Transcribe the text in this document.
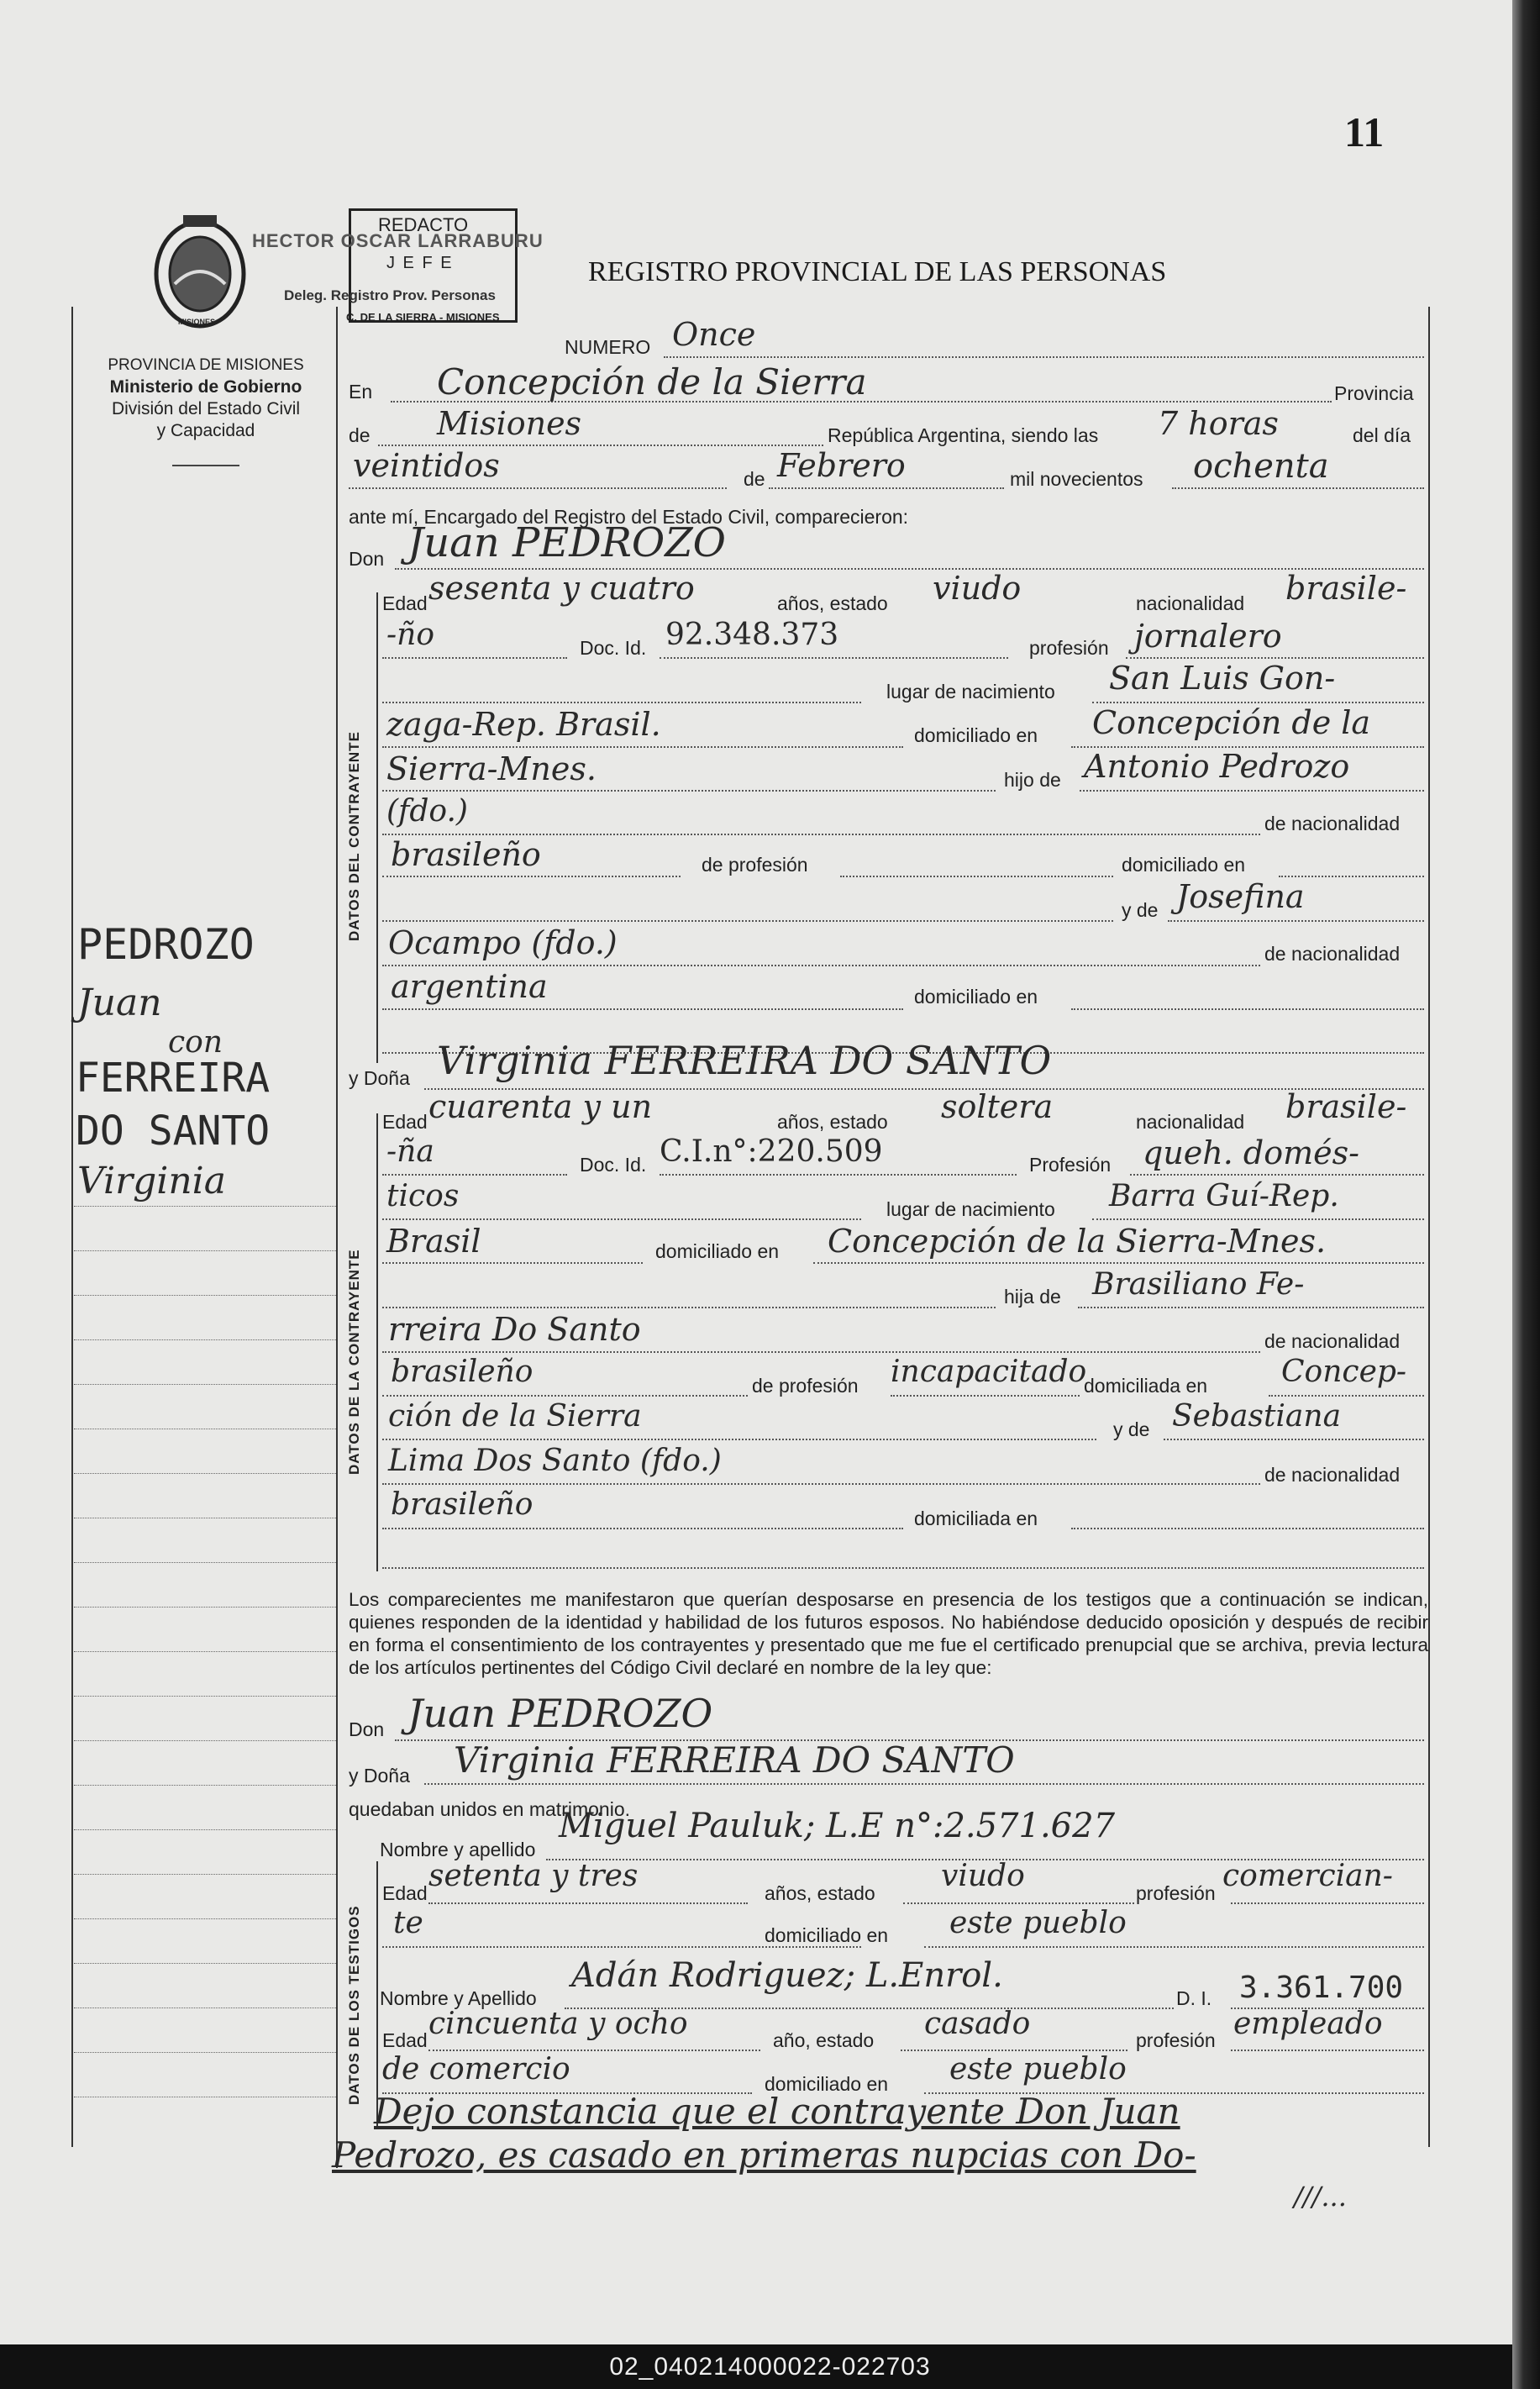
11
MISIONES
REDACTO
HECTOR OSCAR LARRABURU
J E F E
Deleg. Registro Prov. Personas
C. DE LA SIERRA - MISIONES
REGISTRO PROVINCIAL DE LAS PERSONAS
PROVINCIA DE MISIONES
Ministerio de Gobierno
División del Estado Civil
y Capacidad
DATOS DEL CONTRAYENTE
DATOS DE LA CONTRAYENTE
DATOS DE LOS TESTIGOS
PEDROZO
Juan
con
FERREIRA
DO SANTO
Virginia
NUMERO Once
En Concepción de la Sierra	Provincia
de Misiones	República Argentina, siendo las 7 horas	del día
veintidos	de Febrero	mil novecientos ochenta
ante mí, Encargado del Registro del Estado Civil, comparecieron:
Don Juan PEDROZO
Edad sesenta y cuatro	años, estado viudo	nacionalidad brasile-
-ño	Doc. Id. 92.348.373	profesión jornalero
lugar de nacimiento San Luis Gon-
zaga-Rep. Brasil.	domiciliado en Concepción de la
Sierra-Mnes.	hijo de Antonio Pedrozo
(fdo.)	de nacionalidad
brasileño	de profesión	domiciliado en
y de Josefina
Ocampo (fdo.)	de nacionalidad
argentina	domiciliado en
y Doña Virginia FERREIRA DO SANTO
Edad cuarenta y un	años, estado soltera	nacionalidad brasile-
-ña	Doc. Id. C.I.n°:220.509	Profesión queh. domés-
ticos	lugar de nacimiento Barra Guí-Rep.
Brasil	domiciliado en Concepción de la Sierra-Mnes.
hija de Brasiliano Fe-
rreira Do Santo	de nacionalidad
brasileño	de profesión incapacitado
domiciliada en Concep-
ción de la Sierra	y de Sebastiana
Lima Dos Santo (fdo.)	de nacionalidad
brasileño	domiciliada en
Los comparecientes me manifestaron que querían desposarse en presencia de los testigos que a continuación se indican, quienes responden de la identidad y habilidad de los futuros esposos. No habiéndose deducido oposición y después de recibir en forma el consentimiento de los contrayentes y presentado que me fue el certificado prenupcial que se archiva, previa lectura de los artículos pertinentes del Código Civil declaré en nombre de la ley que:
Don Juan PEDROZO
y Doña Virginia FERREIRA DO SANTO
quedaban unidos en matrimonio.
Nombre y apellido
Miguel Pauluk; L.E n°:2.571.627
Edad setenta y tres	años, estado viudo	profesión comercian-
te	domiciliado en este pueblo
Nombre y Apellido
Adán Rodriguez; L.Enrol.
D. I. 3.361.700
Edad cincuenta y ocho	año, estado casado	profesión empleado
de comercio	domiciliado en este pueblo
Dejo constancia que el contrayente Don Juan
Pedrozo, es casado en primeras nupcias con Do-
///...
02_040214000022-022703
